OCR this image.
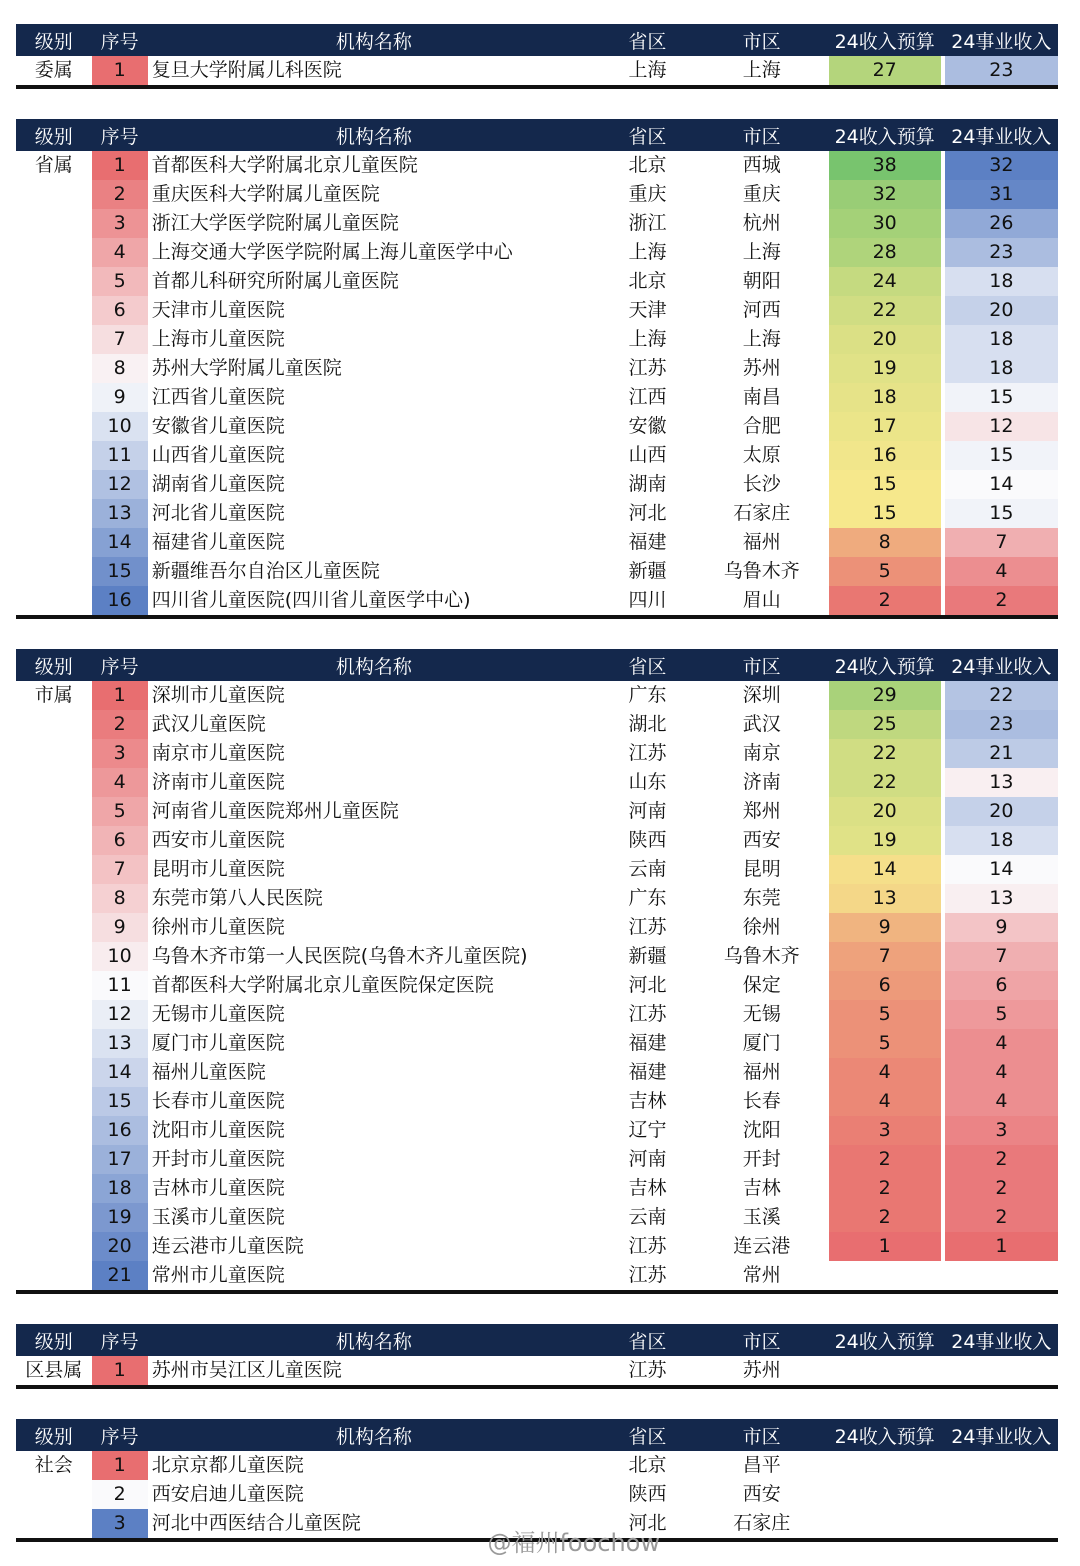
级别	序号	机构名称	省区	市区	24收入预算 24事业收入
委属	1	复旦大学附属儿科医院	上海	上海	27	23
级别	序号	机构名称	省区	市区	24收入预算 24事业收入
省属	1	首都医科大学附属北京儿童医院	北京	西城	38	32
2	重庆医科大学附属儿童医院	重庆	重庆	32	31
3	浙江大学医学院附属儿童医院	浙江	杭州	30	26
4	上海交通大学医学院附属上海儿童医学中心	上海	上海	28	23
5	首都儿科研究所附属儿童医院	北京	朝阳	24	18
6	天津市儿童医院	天津	河西	22	20
7	上海市儿童医院	上海	上海	20	18
8	苏州大学附属儿童医院	江苏	苏州	19	18
9	江西省儿童医院	江西	南昌	18	15
10	安徽省儿童医院	安徽	合肥	17	12
11	山西省儿童医院	山西	太原	16	15
12	湖南省儿童医院	湖南	长沙	15	14
13	河北省儿童医院	河北	石家庄	15	15
14	福建省儿童医院	福建	福州	8	7
15	新疆维吾尔自治区儿童医院	新疆	乌鲁木齐	5	4
16	四川省儿童医院(四川省儿童医学中心)	四川	眉山	2	2
级别	序号	机构名称	省区	市区	24收入预算 24事业收入
市属	1	深圳市儿童医院	广东	深圳	29	22
2	武汉儿童医院	湖北	武汉	25	23
3	南京市儿童医院	江苏	南京	22	21
4	济南市儿童医院	山东	济南	22	13
5	河南省儿童医院郑州儿童医院	河南	郑州	20	20
6	西安市儿童医院	陕西	西安	19	18
7	昆明市儿童医院	云南	昆明	14	14
8	东莞市第八人民医院	广东	东莞	13	13
9	徐州市儿童医院	江苏	徐州	9	9
10	乌鲁木齐市第一人民医院(乌鲁木齐儿童医院)	新疆	乌鲁木齐	7	7
11	首都医科大学附属北京儿童医院保定医院	河北	保定	6	6
12	无锡市儿童医院	江苏	无锡	5	5
13	厦门市儿童医院	福建	厦门	5	4
14	福州儿童医院	福建	福州	4	4
15	长春市儿童医院	吉林	长春	4	4
16	沈阳市儿童医院	辽宁	沈阳	3	3
17	开封市儿童医院	河南	开封	2	2
18	吉林市儿童医院	吉林	吉林	2	2
19	玉溪市儿童医院	云南	玉溪	2	2
20	连云港市儿童医院	江苏	连云港	1	1
21	常州市儿童医院	江苏	常州
级别	序号	机构名称	省区	市区	24收入预算 24事业收入
区县属	1	苏州市吴江区儿童医院	江苏	苏州
级别	序号	机构名称	省区	市区	24收入预算 24事业收入
社会	1	北京京都儿童医院	北京	昌平
2	西安启迪儿童医院	陕西	西安
3	河北中西医结合儿童医院	河北	石家庄
@福州foochow
